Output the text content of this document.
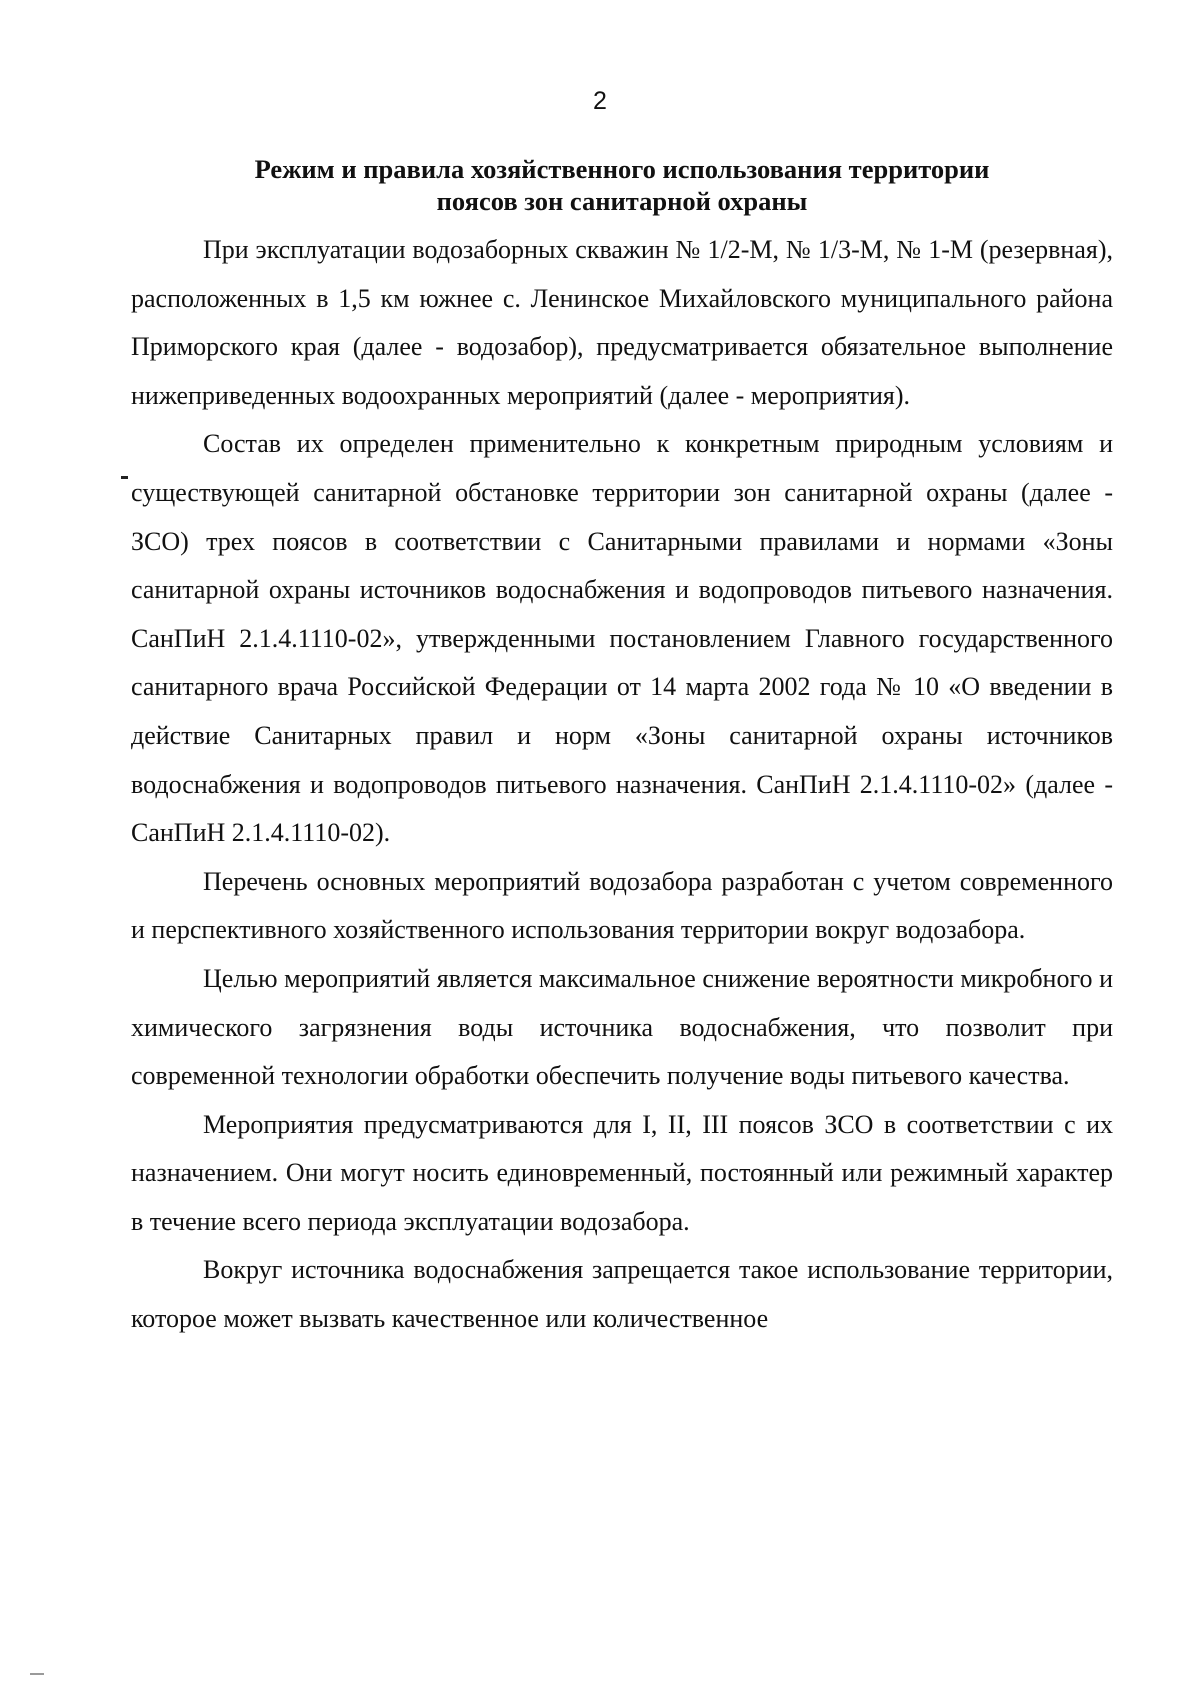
2
Режим и правила хозяйственного использования территории
поясов зон санитарной охраны

При эксплуатации водозаборных скважин № 1/2-М, № 1/3-М, № 1-М (резервная), расположенных в 1,5 км южнее с. Ленинское Михайловского муниципального района Приморского края (далее - водозабор), предусматривается обязательное выполнение нижеприведенных водоохранных мероприятий (далее - мероприятия).

Состав их определен применительно к конкретным природным условиям и существующей санитарной обстановке территории зон санитарной охраны (далее - ЗСО) трех поясов в соответствии с Санитарными правилами и нормами «Зоны санитарной охраны источников водоснабжения и водопроводов питьевого назначения. СанПиН 2.1.4.1110-02», утвержденными постановлением Главного государственного санитарного врача Российской Федерации от 14 марта 2002 года № 10 «О введении в действие Санитарных правил и норм «Зоны санитарной охраны источников водоснабжения и водопроводов питьевого назначения. СанПиН 2.1.4.1110-02» (далее - СанПиН 2.1.4.1110-02).

Перечень основных мероприятий водозабора разработан с учетом современного и перспективного хозяйственного использования территории вокруг водозабора.

Целью мероприятий является максимальное снижение вероятности микробного и химического загрязнения воды источника водоснабжения, что позволит при современной технологии обработки обеспечить получение воды питьевого качества.

Мероприятия предусматриваются для I, II, III поясов ЗСО в соответствии с их назначением. Они могут носить единовременный, постоянный или режимный характер в течение всего периода эксплуатации водозабора.

Вокруг источника водоснабжения запрещается такое использование территории, которое может вызвать качественное или количественное
